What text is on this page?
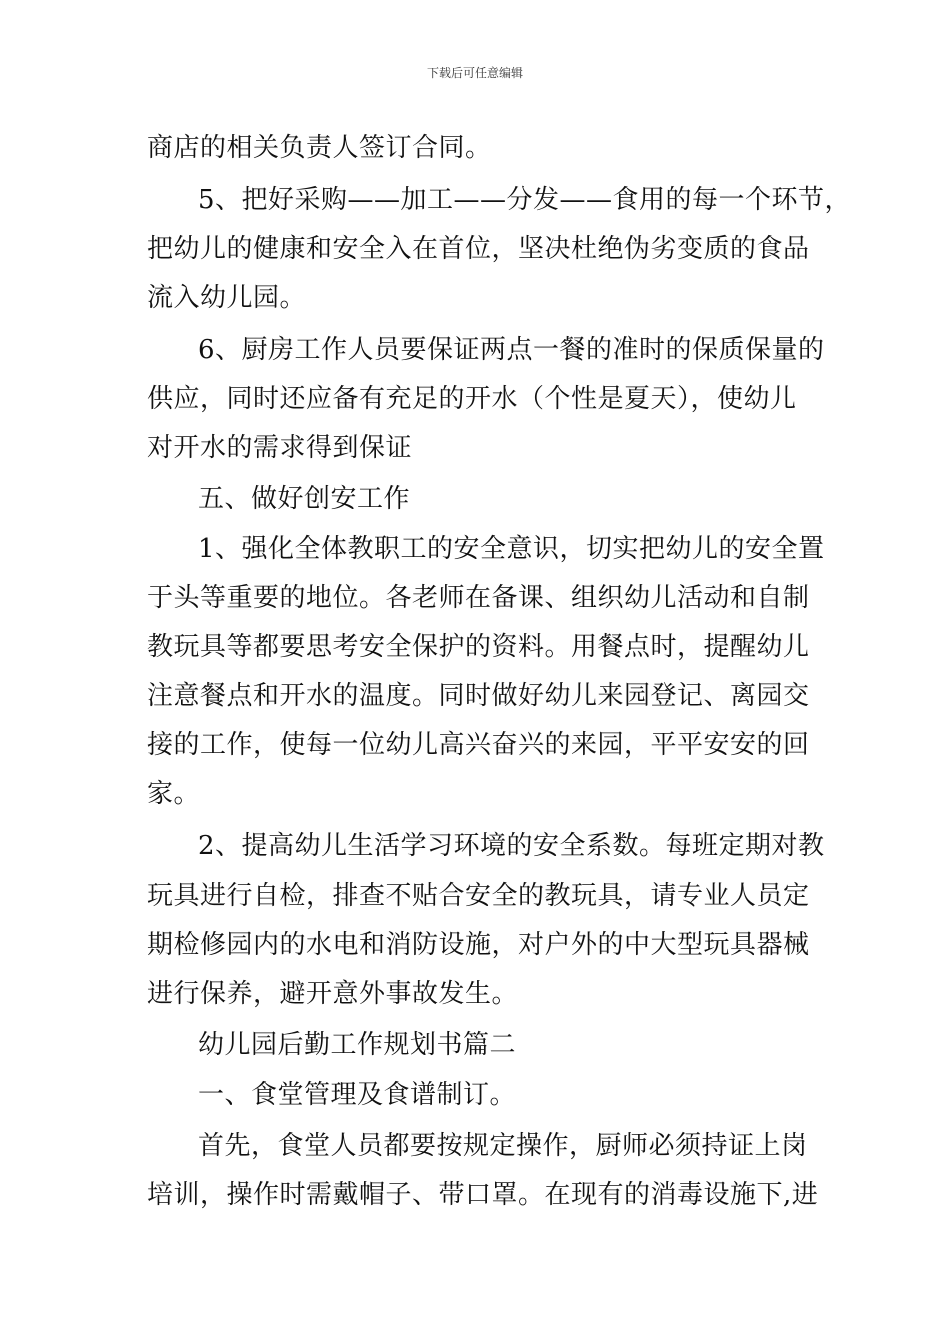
下载后可任意编辑
商店的相关负责人签订合同。
5、把好采购——加工——分发——食用的每一个环节，
把幼儿的健康和安全入在首位，坚决杜绝伪劣变质的食品
流入幼儿园。
6、厨房工作人员要保证两点一餐的准时的保质保量的
供应，同时还应备有充足的开水（个性是夏天），使幼儿
对开水的需求得到保证
五、做好创安工作
1、强化全体教职工的安全意识，切实把幼儿的安全置
于头等重要的地位。各老师在备课、组织幼儿活动和自制
教玩具等都要思考安全保护的资料。用餐点时，提醒幼儿
注意餐点和开水的温度。同时做好幼儿来园登记、离园交
接的工作，使每一位幼儿高兴奋兴的来园，平平安安的回
家。
2、提高幼儿生活学习环境的安全系数。每班定期对教
玩具进行自检，排查不贴合安全的教玩具，请专业人员定
期检修园内的水电和消防设施，对户外的中大型玩具器械
进行保养，避开意外事故发生。
幼儿园后勤工作规划书篇二
一、食堂管理及食谱制订。
首先，食堂人员都要按规定操作，厨师必须持证上岗
培训，操作时需戴帽子、带口罩。在现有的消毒设施下,进
